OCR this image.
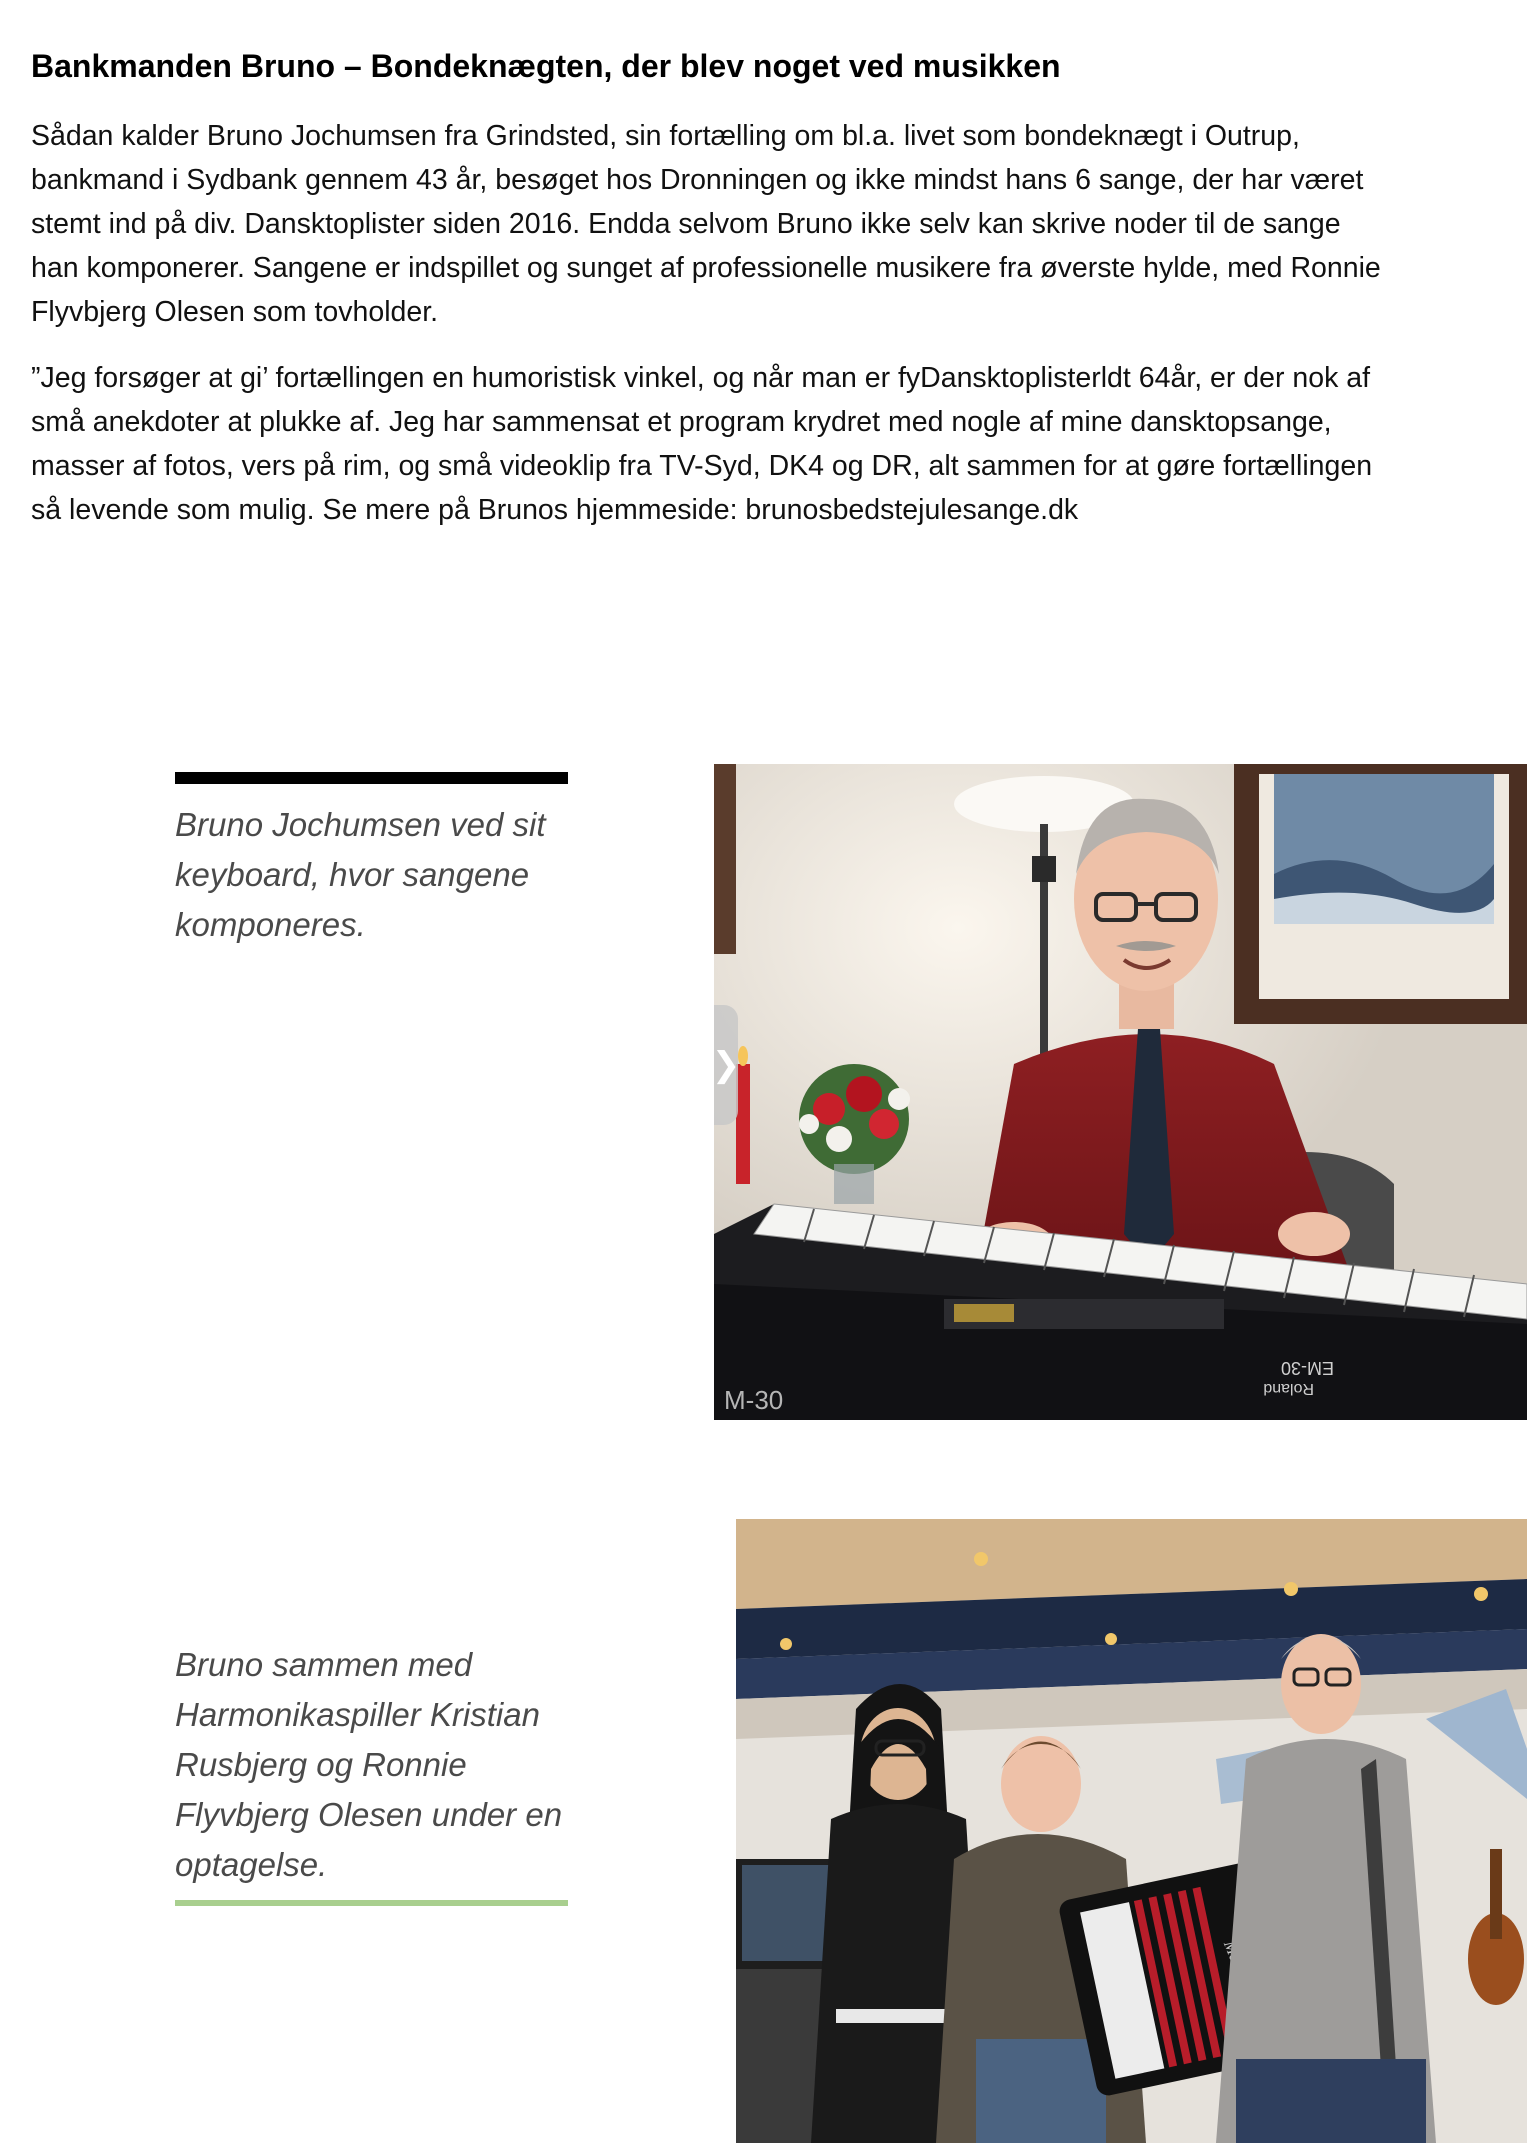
Bankmanden Bruno – Bondeknægten, der blev noget ved musikken

Sådan kalder Bruno Jochumsen fra Grindsted, sin fortælling om bl.a. livet som bondeknægt i Outrup, bankmand i Sydbank gennem 43 år, besøget hos Dronningen og ikke mindst hans 6 sange, der har været stemt ind på div. Dansktoplister siden 2016. Endda selvom Bruno ikke selv kan skrive noder til de sange han komponerer. Sangene er indspillet og sunget af professionelle musikere fra øverste hylde, med Ronnie Flyvbjerg Olesen som tovholder.

”Jeg forsøger at gi’ fortællingen en humoristisk vinkel, og når man er fyDansktoplisterldt 64år, er der nok af små anekdoter at plukke af. Jeg har sammensat et program krydret med nogle af mine dansktopsange, masser af fotos, vers på rim, og små videoklip fra TV-Syd, DK4 og DR, alt sammen for at gøre fortællingen så levende som mulig. Se mere på Brunos hjemmeside: brunosbedstejulesange.dk

Bruno Jochumsen ved sit keyboard, hvor sangene komponeres.

Bruno sammen med Harmonikaspiller Kristian Rusbjerg og Ronnie Flyvbjerg Olesen under en optagelse.

M-30
EM-30
Roland
❯
